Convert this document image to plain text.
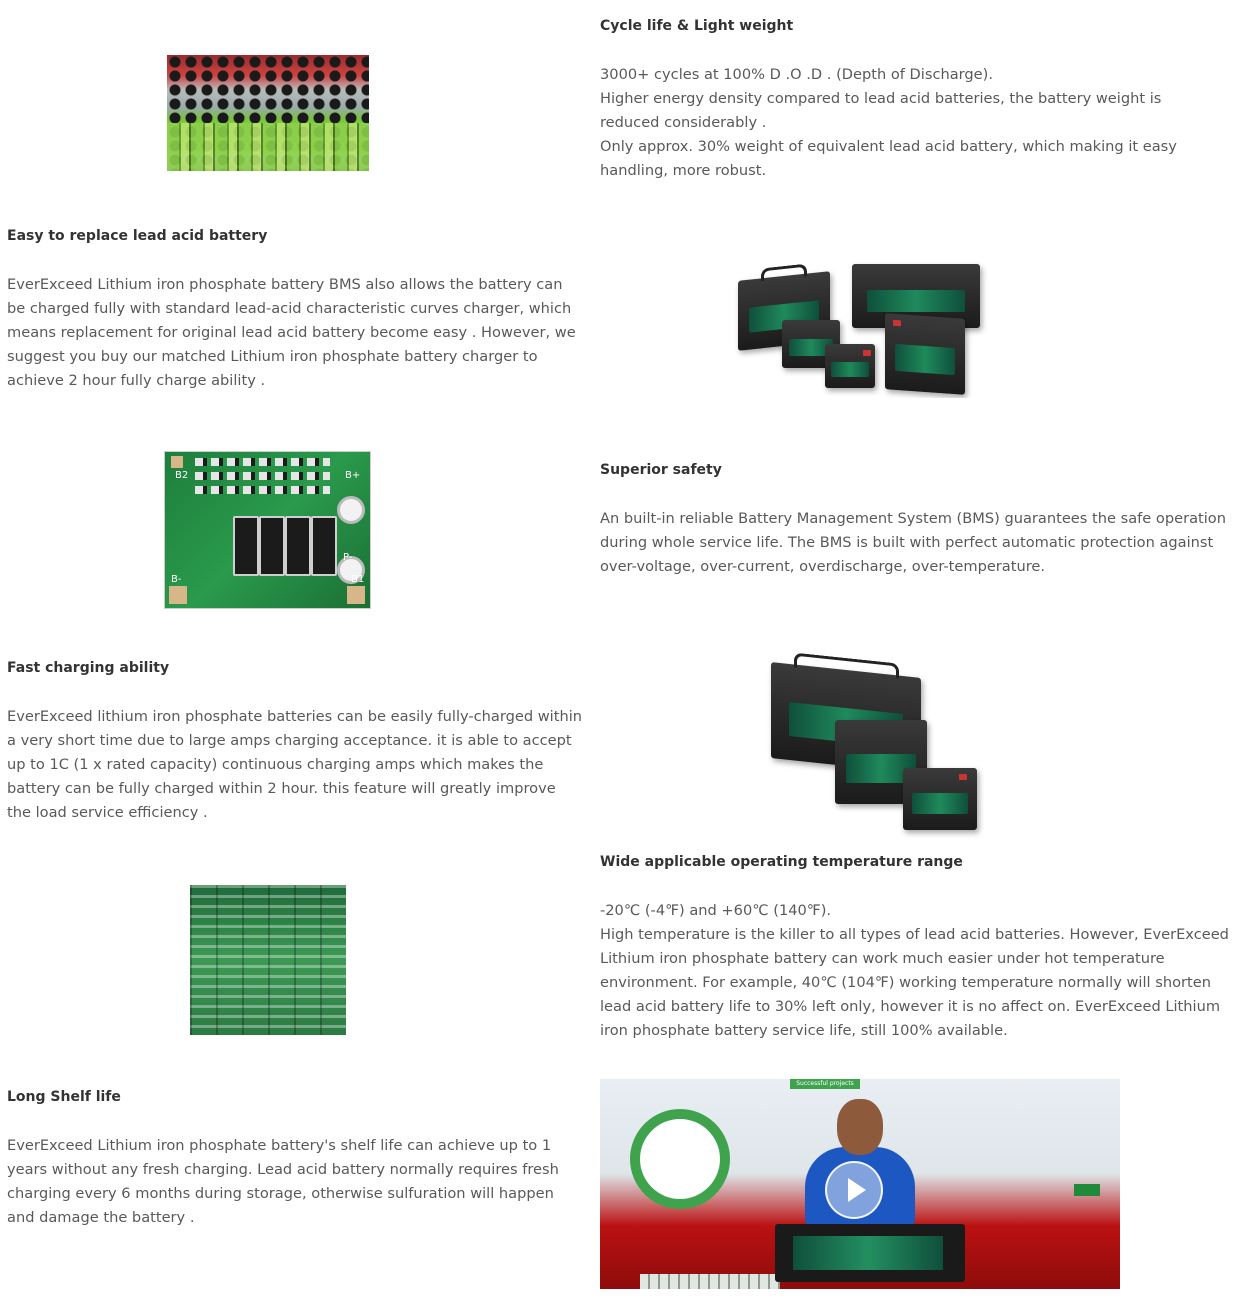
Cycle life & Light weight

3000+ cycles at 100% D .O .D . (Depth of Discharge).

Higher energy density compared to lead acid batteries, the battery weight is reduced considerably .

Only approx. 30% weight of equivalent lead acid battery, which making it easy handling, more robust.

Easy to replace lead acid battery

EverExceed Lithium iron phosphate battery BMS also allows the battery can be charged fully with standard lead-acid characteristic curves charger, which means replacement for original lead acid battery become easy . However, we suggest you buy our matched Lithium iron phosphate battery charger to achieve 2 hour fully charge ability .

B2	B+
P-
B-	B1
Superior safety

An built-in reliable Battery Management System (BMS) guarantees the safe operation during whole service life. The BMS is built with perfect automatic protection against over-voltage, over-current, overdischarge, over-temperature.

Fast charging ability

EverExceed lithium iron phosphate batteries can be easily fully-charged within a very short time due to large amps charging acceptance. it is able to accept up to 1C (1 x rated capacity) continuous charging amps which makes the battery can be fully charged within 2 hour. this feature will greatly improve the load service efficiency .

Wide applicable operating temperature range

-20℃ (-4℉) and +60℃ (140℉).

High temperature is the killer to all types of lead acid batteries. However, EverExceed Lithium iron phosphate battery can work much easier under hot temperature environment. For example, 40℃ (104℉) working temperature normally will shorten lead acid battery life to 30% left only, however it is no affect on. EverExceed Lithium iron phosphate battery service life, still 100% available.

Long Shelf life

EverExceed Lithium iron phosphate battery's shelf life can achieve up to 1 years without any fresh charging. Lead acid battery normally requires fresh charging every 6 months during storage, otherwise sulfuration will happen and damage the battery .

Successful projects
